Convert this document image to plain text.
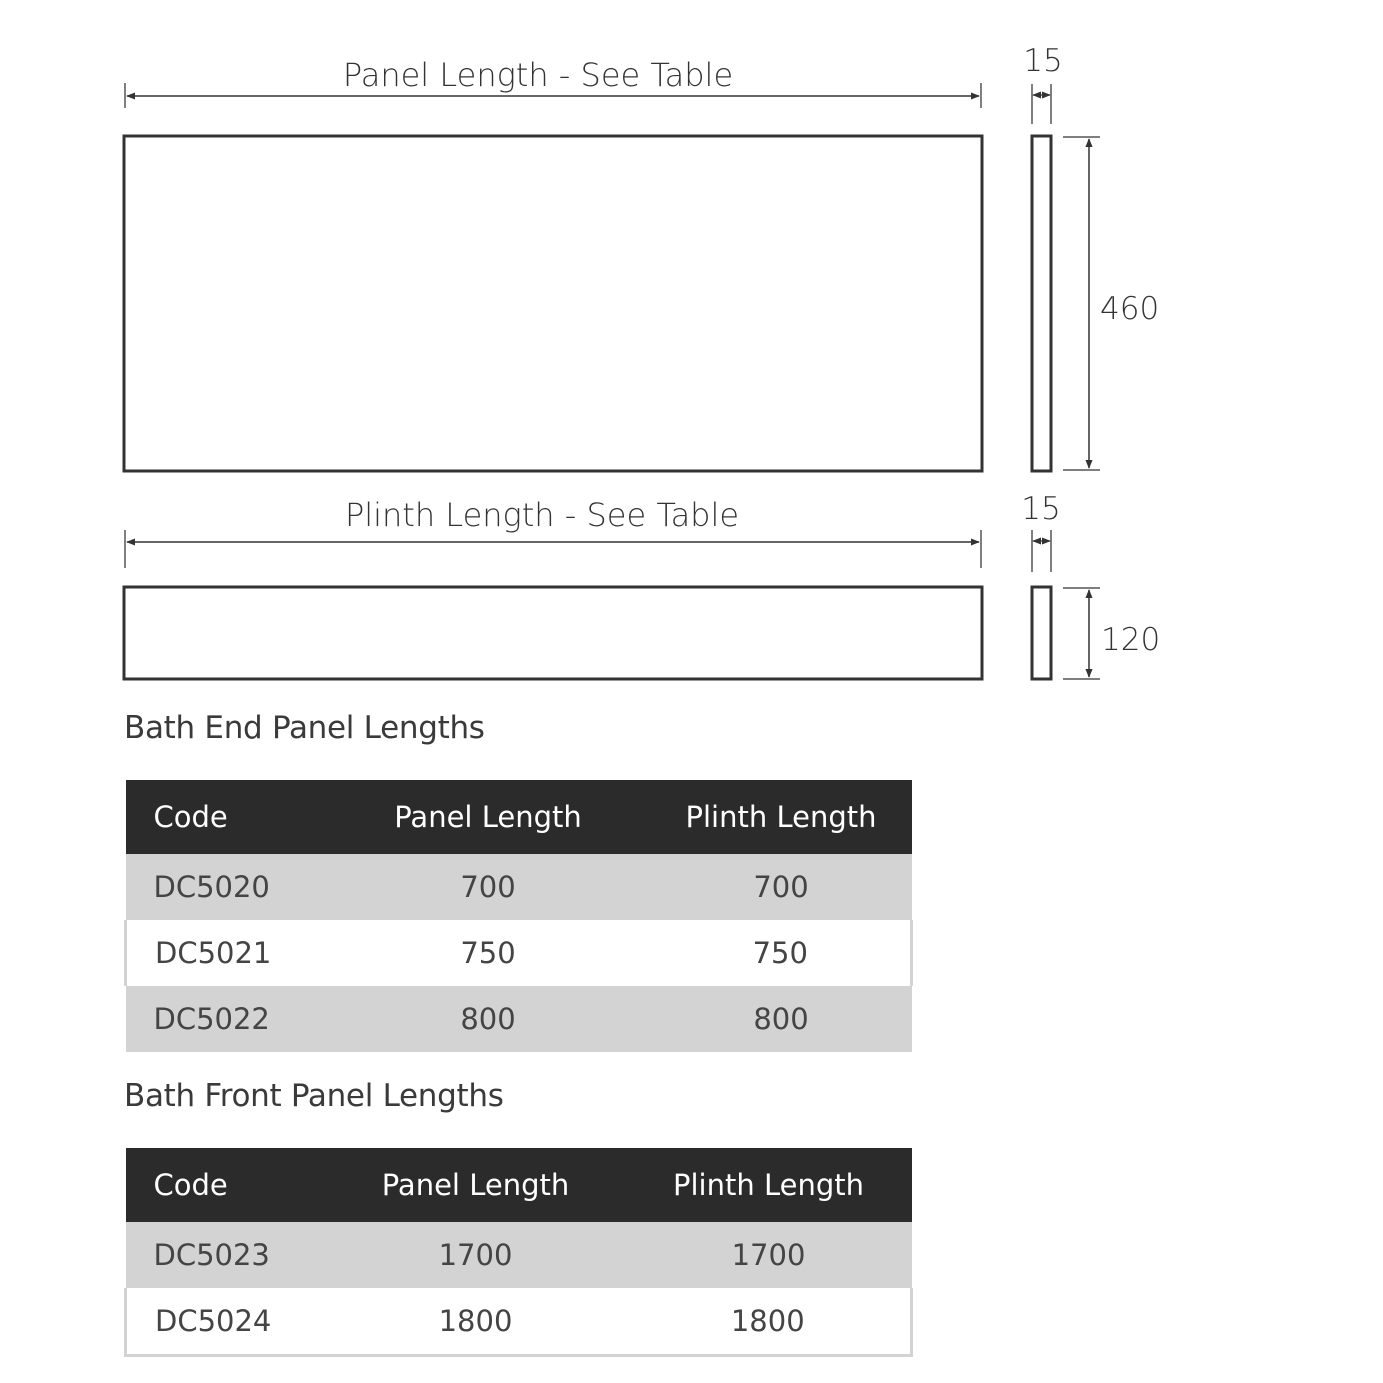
Panel Length - See Table	15
460
Plinth Length - See Table	15
120
Bath End Panel Lengths
Code	Panel Length	Plinth Length
DC5020	700	700
DC5021	750	750
DC5022	800	800
Bath Front Panel Lengths
Code	Panel Length	Plinth Length
DC5023	1700	1700
DC5024	1800	1800
